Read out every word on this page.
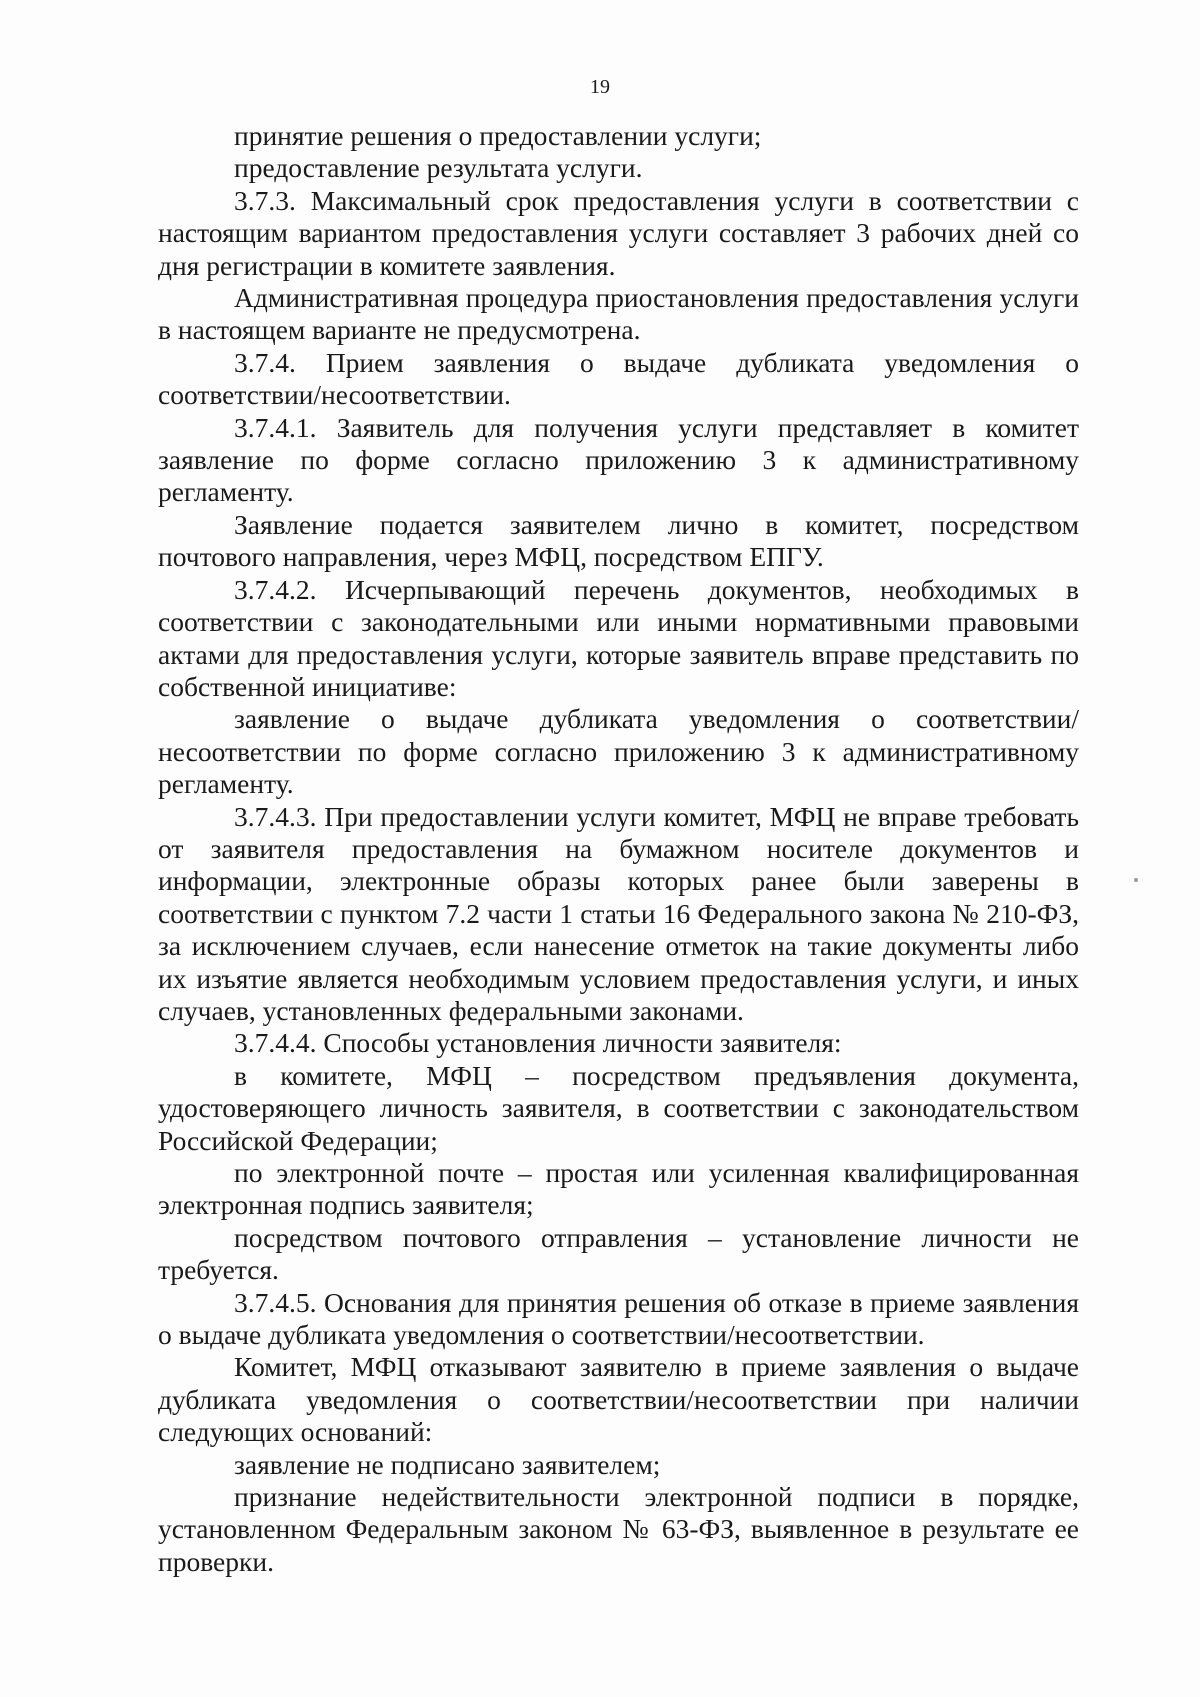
19

принятие решения о предоставлении услуги;

предоставление результата услуги.

3.7.3. Максимальный срок предоставления услуги в соответствии с настоящим вариантом предоставления услуги составляет 3 рабочих дней со дня регистрации в комитете заявления.

Административная процедура приостановления предоставления услуги в настоящем варианте не предусмотрена.

3.7.4. Прием заявления о выдаче дубликата уведомления о соответствии/несоответствии.

3.7.4.1. Заявитель для получения услуги представляет в комитет заявление по форме согласно приложению 3 к административному регламенту.

Заявление подается заявителем лично в комитет, посредством почтового направления, через МФЦ, посредством ЕПГУ.

3.7.4.2. Исчерпывающий перечень документов, необходимых в соответствии с законодательными или иными нормативными правовыми актами для предоставления услуги, которые заявитель вправе представить по собственной инициативе:

заявление о выдаче дубликата уведомления о соответствии/несоответствии по форме согласно приложению 3 к административному регламенту.

3.7.4.3. При предоставлении услуги комитет, МФЦ не вправе требовать от заявителя предоставления на бумажном носителе документов и информации, электронные образы которых ранее были заверены в соответствии с пунктом 7.2 части 1 статьи 16 Федерального закона № 210-ФЗ, за исключением случаев, если нанесение отметок на такие документы либо их изъятие является необходимым условием предоставления услуги, и иных случаев, установленных федеральными законами.

3.7.4.4. Способы установления личности заявителя:

в комитете, МФЦ – посредством предъявления документа, удостоверяющего личность заявителя, в соответствии с законодательством Российской Федерации;

по электронной почте – простая или усиленная квалифицированная электронная подпись заявителя;

посредством почтового отправления – установление личности не требуется.

3.7.4.5. Основания для принятия решения об отказе в приеме заявления о выдаче дубликата уведомления о соответствии/несоответствии.

Комитет, МФЦ отказывают заявителю в приеме заявления о выдаче дубликата уведомления о соответствии/несоответствии при наличии следующих оснований:

заявление не подписано заявителем;

признание недействительности электронной подписи в порядке, установленном Федеральным законом № 63-ФЗ, выявленное в результате ее проверки.
